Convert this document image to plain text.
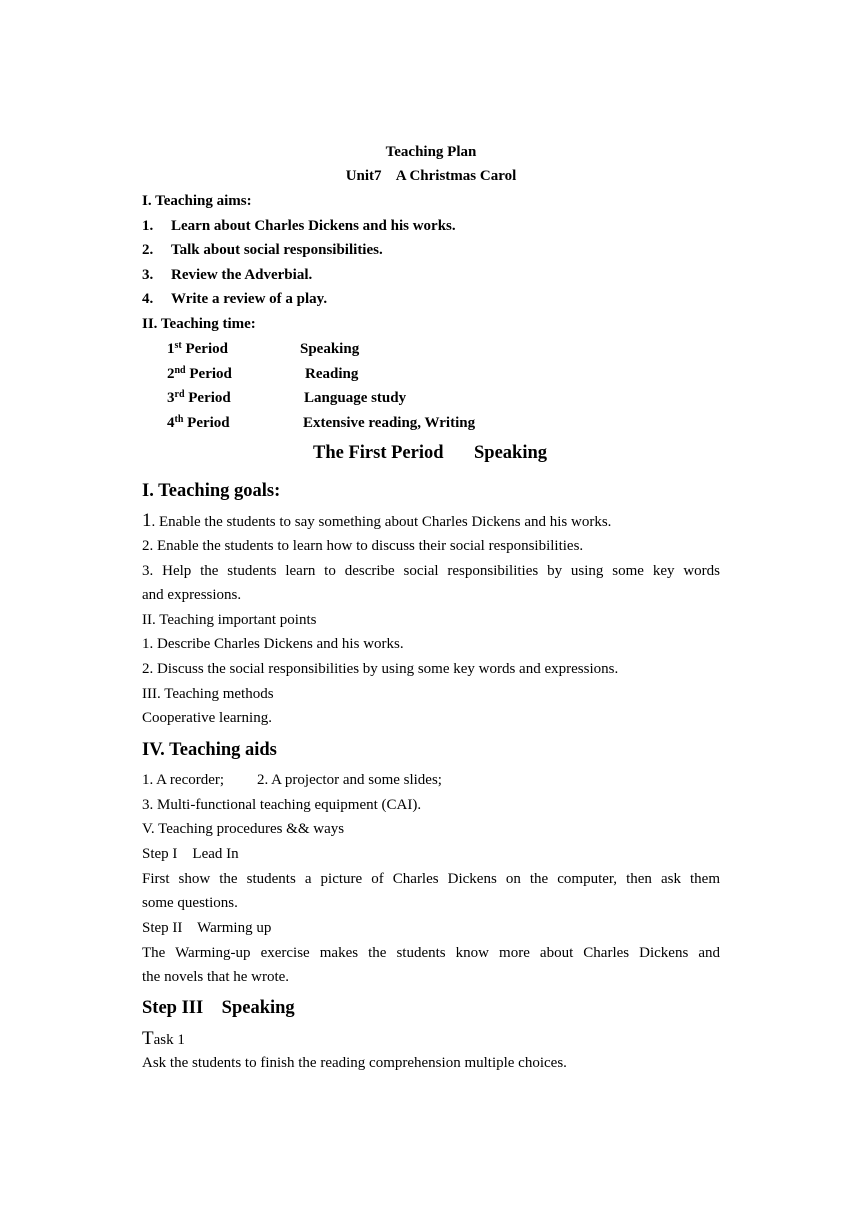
Teaching Plan
Unit7    A Christmas Carol
I. Teaching aims:
1. Learn about Charles Dickens and his works.
2. Talk about social responsibilities.
3. Review the Adverbial.
4. Write a review of a play.
II. Teaching time:
1st Period	Speaking
2nd Period	Reading
3rd Period	Language study
4th Period	Extensive reading, Writing
The First Period Speaking
I. Teaching goals:
1. Enable the students to say something about Charles Dickens and his works.
2. Enable the students to learn how to discuss their social responsibilities.
3. Help the students learn to describe social responsibilities by using some key words
and expressions.
II. Teaching important points
1. Describe Charles Dickens and his works.
2. Discuss the social responsibilities by using some key words and expressions.
III. Teaching methods
Cooperative learning.
IV. Teaching aids
1. A recorder; 2. A projector and some slides;
3. Multi-functional teaching equipment (CAI).
V. Teaching procedures && ways
Step I    Lead In
First show the students a picture of Charles Dickens on the computer, then ask them
some questions.
Step II    Warming up
The Warming-up exercise makes the students know more about Charles Dickens and
the novels that he wrote.
Step III    Speaking
Task 1
Ask the students to finish the reading comprehension multiple choices.
